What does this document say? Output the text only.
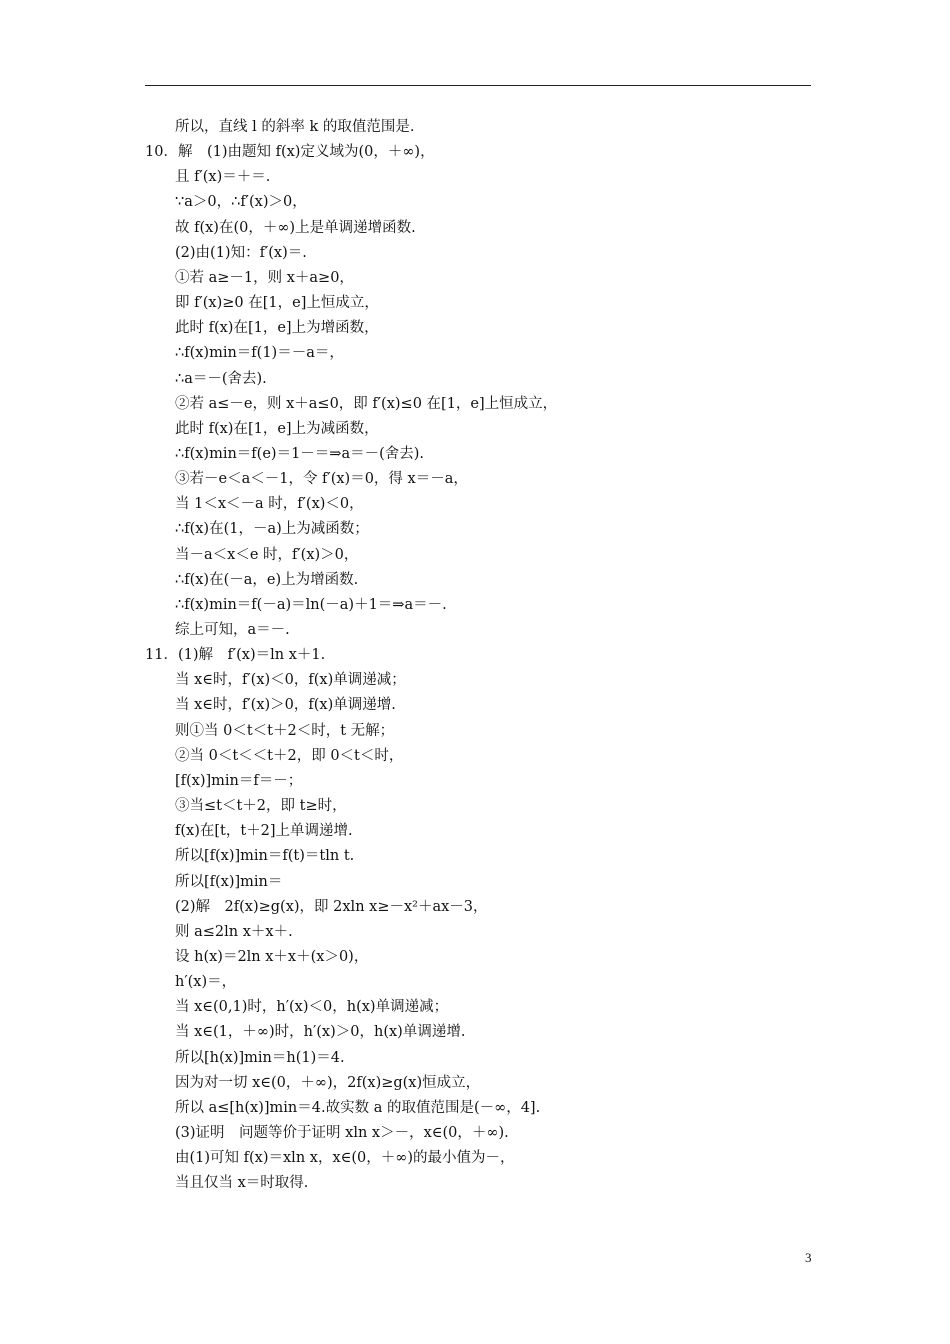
所以，直线 l 的斜率 k 的取值范围是.
10．解　(1)由题知 f(x)定义域为(0，＋∞)，
且 f′(x)＝＋＝.
∵a＞0，∴f′(x)＞0，
故 f(x)在(0，＋∞)上是单调递增函数.
(2)由(1)知：f′(x)＝.
①若 a≥－1，则 x＋a≥0，
即 f′(x)≥0 在[1，e]上恒成立，
此时 f(x)在[1，e]上为增函数，
∴f(x)min＝f(1)＝－a＝，
∴a＝－(舍去).
②若 a≤－e，则 x＋a≤0，即 f′(x)≤0 在[1，e]上恒成立，
此时 f(x)在[1，e]上为减函数，
∴f(x)min＝f(e)＝1－＝⇒a＝－(舍去).
③若－e＜a＜－1，令 f′(x)＝0，得 x＝－a，
当 1＜x＜－a 时，f′(x)＜0，
∴f(x)在(1，－a)上为减函数；
当－a＜x＜e 时，f′(x)＞0，
∴f(x)在(－a，e)上为增函数.
∴f(x)min＝f(－a)＝ln(－a)＋1＝⇒a＝－.
综上可知，a＝－.
11．(1)解　f′(x)＝ln x＋1.
当 x∈时，f′(x)＜0，f(x)单调递减；
当 x∈时，f′(x)＞0，f(x)单调递增.
则①当 0＜t＜t＋2＜时，t 无解；
②当 0＜t＜＜t＋2，即 0＜t＜时，
[f(x)]min＝f＝－；
③当≤t＜t＋2，即 t≥时，
f(x)在[t，t＋2]上单调递增.
所以[f(x)]min＝f(t)＝tln t.
所以[f(x)]min＝
(2)解　2f(x)≥g(x)，即 2xln x≥－x²＋ax－3，
则 a≤2ln x＋x＋.
设 h(x)＝2ln x＋x＋(x＞0)，
h′(x)＝，
当 x∈(0,1)时，h′(x)＜0，h(x)单调递减；
当 x∈(1，＋∞)时，h′(x)＞0，h(x)单调递增.
所以[h(x)]min＝h(1)＝4.
因为对一切 x∈(0，＋∞)，2f(x)≥g(x)恒成立，
所以 a≤[h(x)]min＝4.故实数 a 的取值范围是(－∞，4].
(3)证明　问题等价于证明 xln x＞－，x∈(0，＋∞).
由(1)可知 f(x)＝xln x，x∈(0，＋∞)的最小值为－，
当且仅当 x＝时取得.
3
